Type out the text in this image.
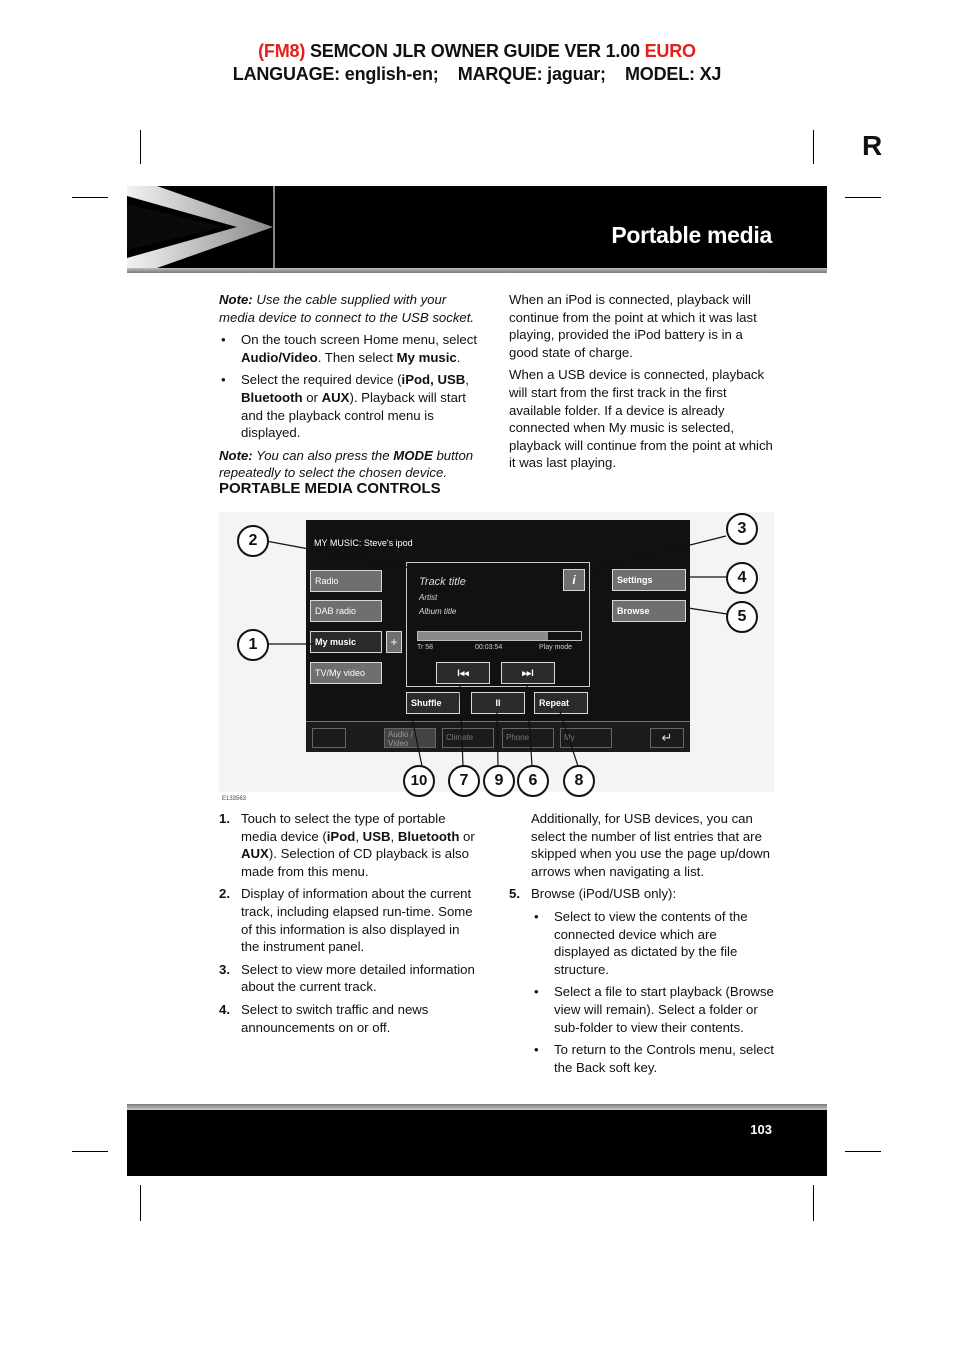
(FM8) SEMCON JLR OWNER GUIDE VER 1.00 EURO
LANGUAGE: english-en;    MARQUE: jaguar;    MODEL: XJ
R
Portable media

Note: Use the cable supplied with your media device to connect to the USB socket.

• On the touch screen Home menu, select Audio/Video. Then select My music.
• Select the required device (iPod, USB, Bluetooth or AUX). Playback will start and the playback control menu is displayed.

Note: You can also press the MODE button repeatedly to select the chosen device.

When an iPod is connected, playback will continue from the point at which it was last playing, provided the iPod battery is in a good state of charge.

When a USB device is connected, playback will start from the first track in the first available folder. If a device is already connected when My music is selected, playback will continue from the point at which it was last playing.

PORTABLE MEDIA CONTROLS
MY MUSIC: Steve's ipod
Radio
DAB radio
My music	+
TV/My video
Track title
Artist
Album title
i
Tr 58	00:03:54	Play mode
Settings
Browse
I◂◂	▸▸I
Shuffle	II	Repeat
Audio / Video
Climate	Phone	My	↵
1
2
3
4
5
6
7	8
9
10
E133563
1. Touch to select the type of portable media device (iPod, USB, Bluetooth or AUX). Selection of CD playback is also made from this menu.
2. Display of information about the current track, including elapsed run-time. Some of this information is also displayed in the instrument panel.
3. Select to view more detailed information about the current track.
4. Select to switch traffic and news announcements on or off.

Additionally, for USB devices, you can select the number of list entries that are skipped when you use the page up/down arrows when navigating a list.

5. Browse (iPod/USB only):
• Select to view the contents of the connected device which are displayed as dictated by the file structure.
• Select a file to start playback (Browse view will remain). Select a folder or sub-folder to view their contents.
• To return to the Controls menu, select the Back soft key.
103
